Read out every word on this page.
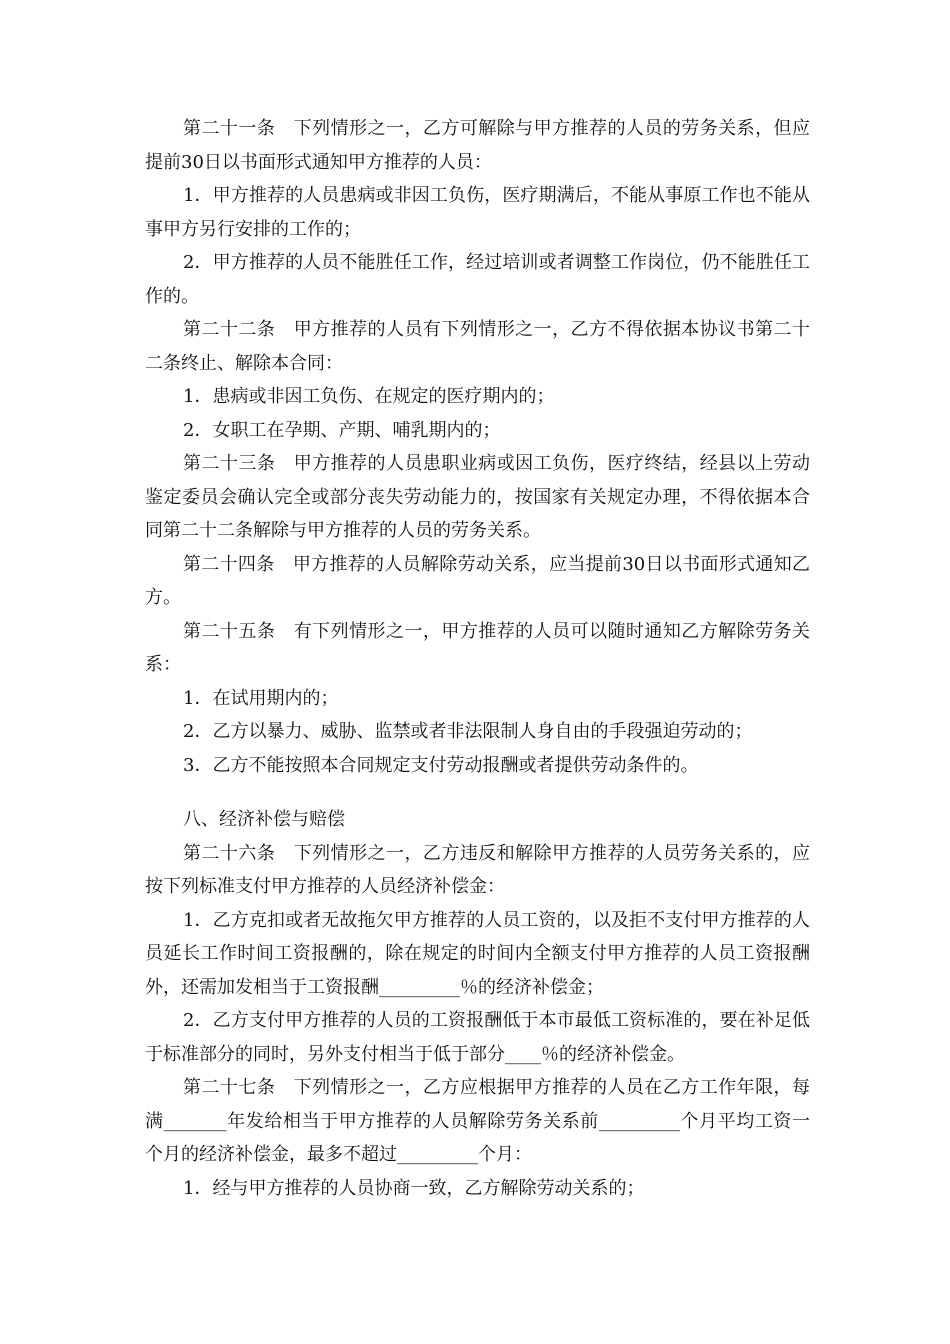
第二十一条　下列情形之一，乙方可解除与甲方推荐的人员的劳务关系，但应提前30日以书面形式通知甲方推荐的人员：

1．甲方推荐的人员患病或非因工负伤，医疗期满后，不能从事原工作也不能从事甲方另行安排的工作的；

2．甲方推荐的人员不能胜任工作，经过培训或者调整工作岗位，仍不能胜任工作的。

第二十二条　甲方推荐的人员有下列情形之一，乙方不得依据本协议书第二十二条终止、解除本合同：

1．患病或非因工负伤、在规定的医疗期内的；

2．女职工在孕期、产期、哺乳期内的；

第二十三条　甲方推荐的人员患职业病或因工负伤，医疗终结，经县以上劳动鉴定委员会确认完全或部分丧失劳动能力的，按国家有关规定办理，不得依据本合同第二十二条解除与甲方推荐的人员的劳务关系。

第二十四条　甲方推荐的人员解除劳动关系，应当提前30日以书面形式通知乙方。

第二十五条　有下列情形之一，甲方推荐的人员可以随时通知乙方解除劳务关系：

1．在试用期内的；

2．乙方以暴力、威胁、监禁或者非法限制人身自由的手段强迫劳动的；

3．乙方不能按照本合同规定支付劳动报酬或者提供劳动条件的。

八、经济补偿与赔偿

第二十六条　下列情形之一，乙方违反和解除甲方推荐的人员劳务关系的，应按下列标准支付甲方推荐的人员经济补偿金：

1．乙方克扣或者无故拖欠甲方推荐的人员工资的，以及拒不支付甲方推荐的人员延长工作时间工资报酬的，除在规定的时间内全额支付甲方推荐的人员工资报酬外，还需加发相当于工资报酬_________％的经济补偿金；

2．乙方支付甲方推荐的人员的工资报酬低于本市最低工资标准的，要在补足低于标准部分的同时，另外支付相当于低于部分____％的经济补偿金。

第二十七条　下列情形之一，乙方应根据甲方推荐的人员在乙方工作年限，每满_______年发给相当于甲方推荐的人员解除劳务关系前_________个月平均工资一个月的经济补偿金，最多不超过_________个月：

1．经与甲方推荐的人员协商一致，乙方解除劳动关系的；
